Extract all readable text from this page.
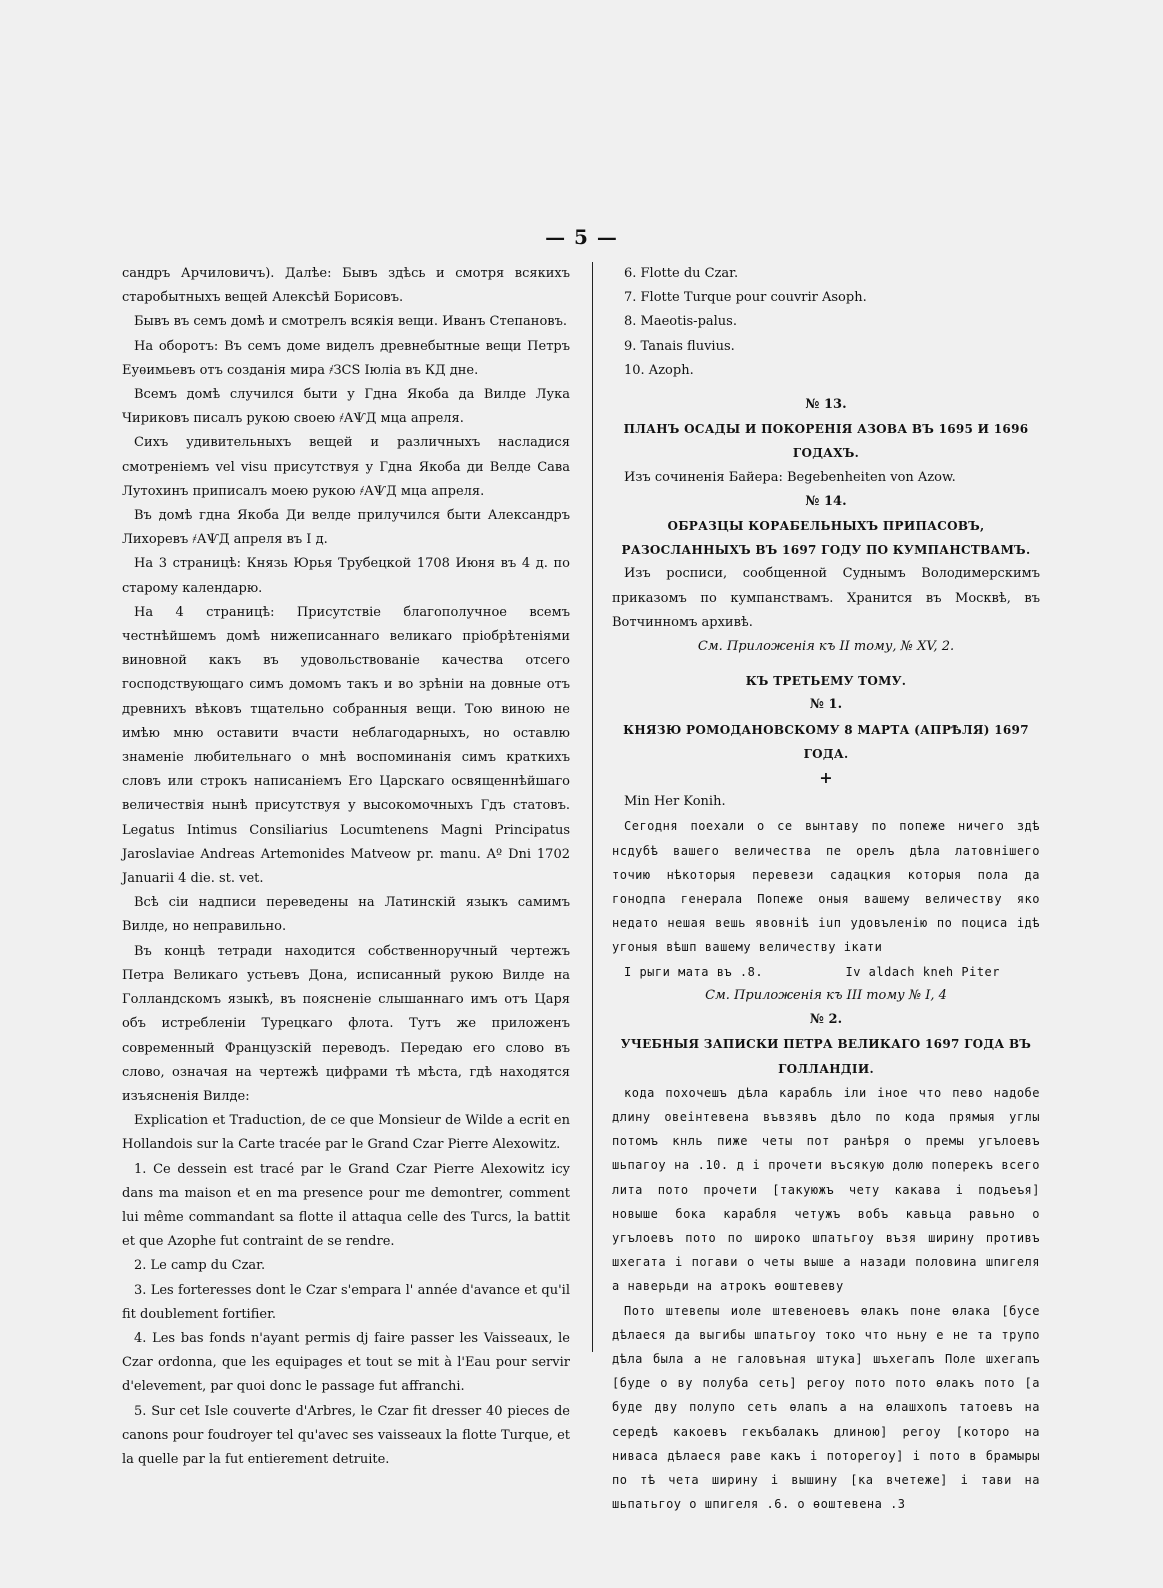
— 5 —

сандръ Арчиловичъ). Далѣе: Бывъ здѣсь и смотря всякихъ старобытныхъ вещей Алексѣй Борисовъ.

Бывъ въ семъ домѣ и смотрелъ всякія вещи. Иванъ Степановъ.

На оборотъ: Въ семъ доме виделъ древнебытные вещи Петръ Еуѳимьевъ отъ созданія мира ҂ЗСS Іюліа въ КД дне.

Всемъ домѣ случился быти у Гдна Якоба да Вилде Лука Чириковъ писалъ рукою своею ҂АѰД мца апреля.

Сихъ удивительныхъ вещей и различныхъ насладися смотреніемъ vel visu присутствуя у Гдна Якоба ди Велде Сава Лутохинъ приписалъ моею рукою ҂АѰД мца апреля.

Въ домѣ гдна Якоба Ди велде прилучился быти Александръ Лихоревъ ҂АѰД апреля въ I д.

На 3 страницѣ: Князь Юрья Трубецкой 1708 Июня въ 4 д. по старому календарю.

На 4 страницѣ: Присутствіе благополучное всемъ честнѣйшемъ домѣ нижеписаннаго великаго пріобрѣтеніями виновной какъ въ удовольствованіе качества отсего господствующаго симъ домомъ такъ и во зрѣніи на довные отъ древнихъ вѣковъ тщательно собранныя вещи. Тою виною не имѣю мню оставити вчасти неблагодарныхъ, но оставлю знаменіе любительнаго о мнѣ воспоминанія симъ краткихъ словъ или строкъ написаніемъ Его Царскаго освященнѣйшаго величествія нынѣ присутствуя у высокомочныхъ Гдъ статовъ. Legatus Intimus Consiliarius Locumtenens Magni Principatus Jaroslaviae Andreas Artemonides Matveow pr. manu. Aº Dni 1702 Januarii 4 die. st. vet.

Всѣ сіи надписи переведены на Латинскій языкъ самимъ Вилде, но неправильно.

Въ концѣ тетради находится собственноручный чертежъ Петра Великаго устьевъ Дона, исписанный рукою Вилде на Голландскомъ языкѣ, въ поясненіе слышаннаго имъ отъ Царя объ истребленіи Турецкаго флота. Тутъ же приложенъ современный Французскій переводъ. Передаю его слово въ слово, означая на чертежѣ цифрами тѣ мѣста, гдѣ находятся изъясненія Вилде:

Explication et Traduction, de ce que Monsieur de Wilde a ecrit en Hollandois sur la Carte tracée par le Grand Czar Pierre Alexowitz.

1. Ce dessein est tracé par le Grand Czar Pierre Alexowitz icy dans ma maison et en ma presence pour me demontrer, comment lui même commandant sa flotte il attaqua celle des Turcs, la battit et que Azophe fut contraint de se rendre.

2. Le camp du Czar.

3. Les forteresses dont le Czar s'empara l' année d'avance et qu'il fit doublement fortifier.

4. Les bas fonds n'ayant permis dj faire passer les Vaisseaux, le Czar ordonna, que les equipages et tout se mit à l'Eau pour servir d'elevement, par quoi donc le passage fut affranchi.

5. Sur cet Isle couverte d'Arbres, le Czar fit dresser 40 pieces de canons pour foudroyer tel qu'avec ses vaisseaux la flotte Turque, et la quelle par la fut entierement detruite.

6. Flotte du Czar.

7. Flotte Turque pour couvrir Asoph.

8. Maeotis-palus.

9. Tanais fluvius.

10. Azoph.

№ 13.

ПЛАНЪ ОСАДЫ И ПОКОРЕНІЯ АЗОВА ВЪ 1695 И 1696 ГОДАХЪ.

Изъ сочиненія Байера: Begebenheiten von Azow.

№ 14.

ОБРАЗЦЫ КОРАБЕЛЬНЫХЪ ПРИПАСОВЪ, РАЗОСЛАННЫХЪ ВЪ 1697 ГОДУ ПО КУМПАНСТВАМЪ.

Изъ росписи, сообщенной Суднымъ Володимерскимъ приказомъ по кумпанствамъ. Хранится въ Москвѣ, въ Вотчинномъ архивѣ.

См. Приложенія къ II тому, № XV, 2.

КЪ ТРЕТЬЕМУ ТОМУ.

№ 1.

КНЯЗЮ РОМОДАНОВСКОМУ 8 МАРТА (АПРѢЛЯ) 1697 ГОДА.

+

Min Her Konih.

Сегодня поехали о се вынтаву по попеже ничего здѣ нсдубѣ вашего величества пе орелъ дѣла латовнiшего точию нѣкоторыя перевези садацкия которыя пола да гонодпа генерала Попеже оныя вашему величеству яко недато нешая вешь явовнiѣ iuп удовъленiю по поциса iдѣ угоныя вѣшп вашему величеству iкати

I рыги мата въ .8.	Iv aldach kneh Piter

См. Приложенія къ III тому № I, 4

№ 2.

УЧЕБНЫЯ ЗАПИСКИ ПЕТРА ВЕЛИКАГО 1697 ГОДА ВЪ ГОЛЛАНДІИ.

кода похочешъ дѣла карабль iли iное что пево надобе длину овеiнтевена въвзявъ дѣло по кода прямыя углы потомъ кнль пиже четы пот ранѣря о премы угълоевъ шьпагоу на .10. д i прочети въсякую долю поперекъ всего лита пото прочети [такуюжъ чету какава i подъеъя] новыше бока карабля четужъ вобъ кавьца равьно о угълоевъ пото по широко шпатьгоу възя ширину противъ шхегатa i погави о четы выше а назади половина шпигеля а наверьди на атрокъ ѳоштевеву

Пото штевепы иоле штевеноевъ ѳлакъ поне ѳлака [бусе дѣлаеся да выгибы шпатьгоу токо что ньну е не та трупо дѣла была а не галовъная штука] шъхегапъ Поле шхегапъ [буде о ву полуба сеть] регоу пото пото ѳлакъ пото [а буде дву полупо сеть ѳлапъ а на ѳлашхопъ татоевъ на середѣ какоевъ гекъбалакъ длиною] регоу [которо на ниваса дѣлаеся раве какъ i поторегоу] i пото в брамыры по тѣ чета ширину i вышину [ка вчетеже] i тави на шьпатьгоу о шпигеля .6. о ѳоштевена .3
